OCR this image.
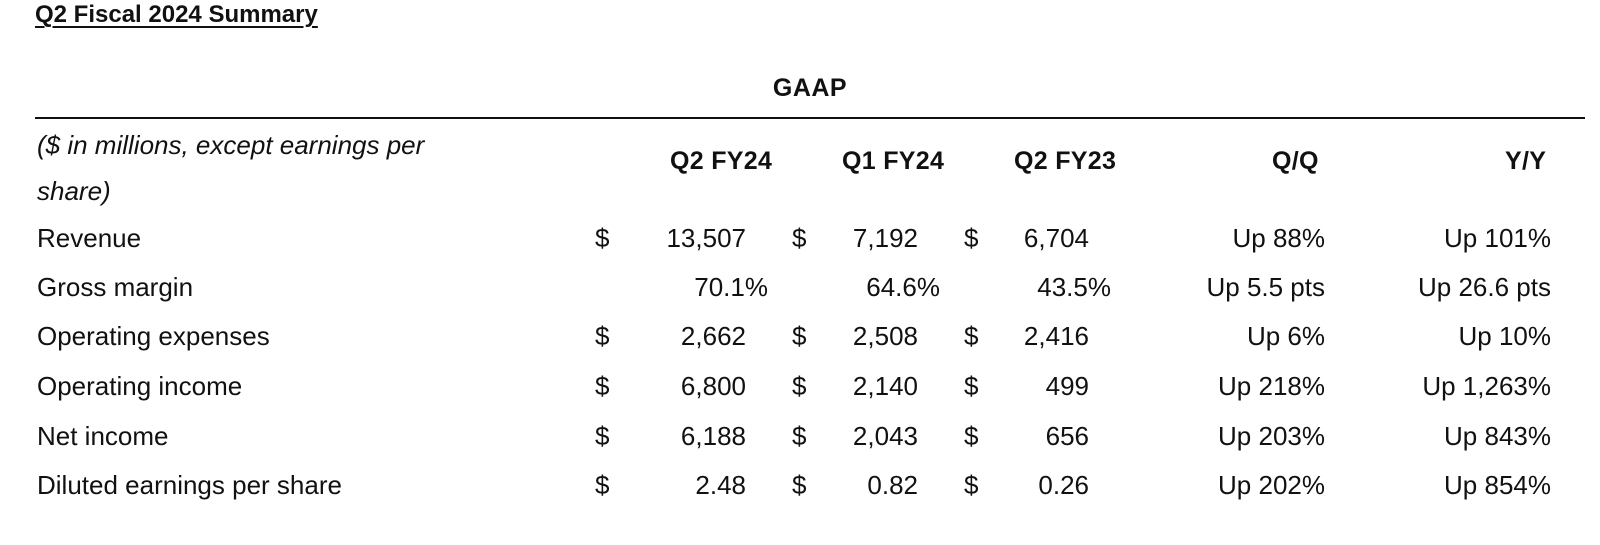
Q2 Fiscal 2024 Summary
GAAP
($ in millions, except earnings per share)
Q2 FY24	Q1 FY24	Q2 FY23	Q/Q	Y/Y
Revenue	$	13,507 $	7,192 $	6,704	Up 88%	Up 101%
Gross margin	70.1%	64.6%	43.5%	Up 5.5 pts	Up 26.6 pts
Operating expenses	$	2,662 $	2,508 $	2,416	Up 6%	Up 10%
Operating income	$	6,800 $	2,140 $	499	Up 218%	Up 1,263%
Net income	$	6,188 $	2,043 $	656	Up 203%	Up 843%
Diluted earnings per share	$	2.48 $	0.82 $	0.26	Up 202%	Up 854%
